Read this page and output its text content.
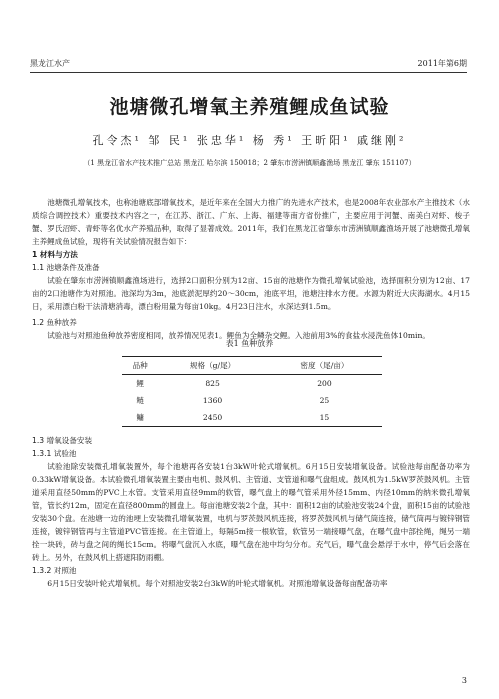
黑龙江水产	2011年第6期
池塘微孔增氧主养殖鲤成鱼试验
孔令杰¹ 邹 民¹ 张忠华¹ 杨 秀¹ 王昕阳¹ 戚继刚²
（1 黑龙江省水产技术推广总站 黑龙江 哈尔滨 150018；2 肇东市涝洲镇顺鑫渔场 黑龙江 肇东 151107）

池塘微孔增氧技术，也称池塘底部增氧技术，是近年来在全国大力推广的先进水产技术，也是2008年农业部水产主推技术（水质综合调控技术）重要技术内容之一，在江苏、浙江、广东、上海、福建等南方省份推广，主要应用于河蟹、南美白对虾、梭子蟹、罗氏沼虾、青虾等名优水产养殖品种，取得了显著成效。2011年，我们在黑龙江省肇东市涝洲镇顺鑫渔场开展了池塘微孔增氧主养鲤成鱼试验，现将有关试验情况报告如下：

1 材料与方法

1.1 池塘条件及准备

试验在肇东市涝洲镇顺鑫渔场进行，选择2口面积分别为12亩、15亩的池塘作为微孔增氧试验池，选择面积分别为12亩、17亩的2口池塘作为对照池。池深均为3m，池底淤泥厚约20～30cm，池底平坦，池塘注排水方便。水源为附近大庆海湖水。4月15日，采用漂白粉干法清塘消毒，漂白粉用量为每亩10kg。4月23日注水，水深达到1.5m。

1.2 鱼种放养

试验池与对照池鱼种放养密度相同，放养情况见表1。鲤鱼为全鳞杂交鲤。入池前用3%的食盐水浸洗鱼体10min。

表1 鱼种放养
品种	规格（g/尾）	密度（尾/亩）
鲤	825	200
鲢	1360	25
鳙	2450	15

1.3 增氧设备安装

1.3.1 试验池

试验池除安装微孔增氧装置外，每个池塘再各安装1台3kW叶轮式增氧机。6月15日安装增氧设备。试验池每亩配备功率为0.33kW增氧设备。本试验微孔增氧装置主要由电机、鼓风机、主管道、支管道和曝气盘组成。鼓风机为1.5kW罗茨鼓风机。主管道采用直径50mm的PVC上水管。支管采用直径9mm的软管，曝气盘上的曝气管采用外径15mm、内径10mm的纳米微孔增氧管，管长约12m，固定在直径800mm的圆盘上。每亩池塘安装2个盘，其中：面积12亩的试验池安装24个盘，面积15亩的试验池安装30个盘。在池塘一边的池埂上安装微孔增氧装置，电机与罗茨鼓风机连接，将罗茨鼓风机与储气筒连接，储气筒再与镀锌钢管连接，镀锌钢管再与主管道PVC管连接。在主管道上，每隔5m接一根软管，软管另一端接曝气盘，在曝气盘中部拴绳，绳另一端拴一块砖，砖与盘之间的绳长15cm。将曝气盘沉入水底，曝气盘在池中均匀分布。充气后，曝气盘会悬浮于水中，停气后会落在砖上。另外，在鼓风机上搭遮阳防雨棚。

1.3.2 对照池

6月15日安装叶轮式增氧机。每个对照池安装2台3kW的叶轮式增氧机。对照池增氧设备每亩配备功率

3
